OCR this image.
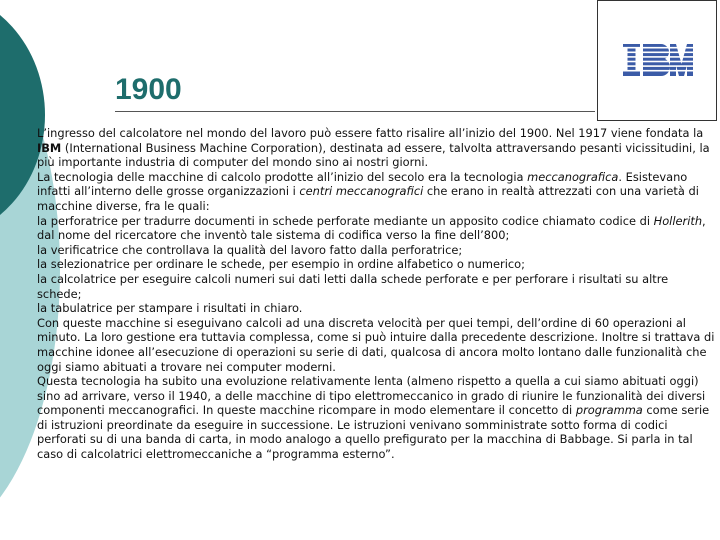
1900

L’ingresso del calcolatore nel mondo del lavoro può essere fatto risalire all’inizio del 1900. Nel 1917 viene fondata la IBM (International Business Machine Corporation), destinata ad essere, talvolta attraversando pesanti vicissitudini, la più importante industria di computer del mondo sino ai nostri giorni.

La tecnologia delle macchine di calcolo prodotte all’inizio del secolo era la tecnologia meccanografica. Esistevano infatti all’interno delle grosse organizzazioni i centri meccanografici che erano in realtà attrezzati con una varietà di macchine diverse, fra le quali:

la perforatrice per tradurre documenti in schede perforate mediante un apposito codice chiamato codice di Hollerith, dal nome del ricercatore che inventò tale sistema di codifica verso la fine dell’800;

la verificatrice che controllava la qualità del lavoro fatto dalla perforatrice;

la selezionatrice per ordinare le schede, per esempio in ordine alfabetico o numerico;

la calcolatrice per eseguire calcoli numeri sui dati letti dalla schede perforate e per perforare i risultati su altre schede;

la tabulatrice per stampare i risultati in chiaro.

Con queste macchine si eseguivano calcoli ad una discreta velocità per quei tempi, dell’ordine di 60 operazioni al minuto. La loro gestione era tuttavia complessa, come si può intuire dalla precedente descrizione. Inoltre si trattava di macchine idonee all’esecuzione di operazioni su serie di dati, qualcosa di ancora molto lontano dalle funzionalità che oggi siamo abituati a trovare nei computer moderni.

Questa tecnologia ha subito una evoluzione relativamente lenta (almeno rispetto a quella a cui siamo abituati oggi) sino ad arrivare, verso il 1940, a delle macchine di tipo elettromeccanico in grado di riunire le funzionalità dei diversi componenti meccanografici. In queste macchine ricompare in modo elementare il concetto di programma come serie di istruzioni preordinate da eseguire in successione. Le istruzioni venivano somministrate sotto forma di codici perforati su di una banda di carta, in modo analogo a quello prefigurato per la macchina di Babbage. Si parla in tal caso di calcolatrici elettromeccaniche a “programma esterno”.
